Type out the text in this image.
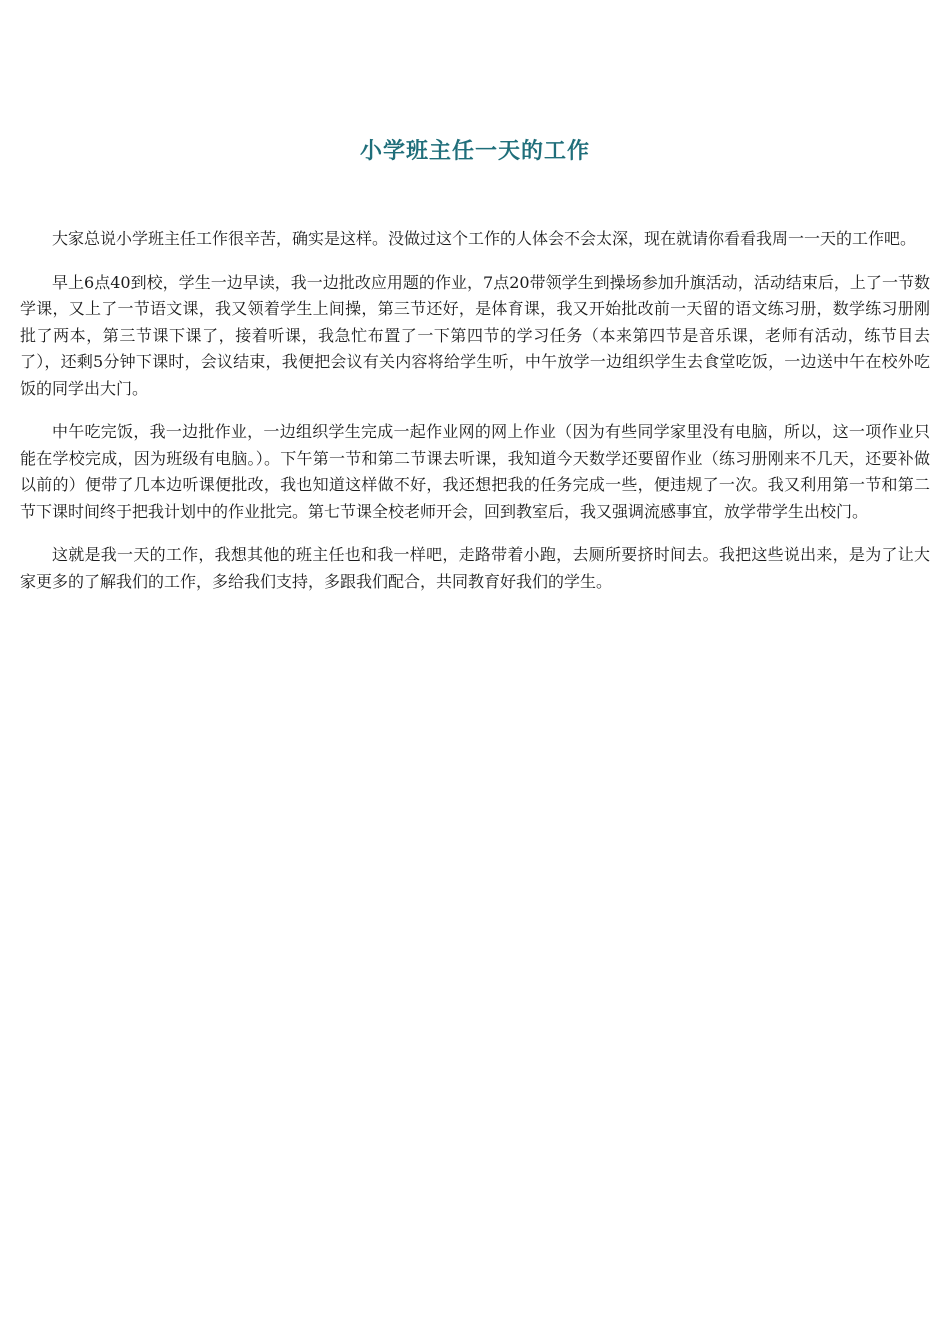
小学班主任一天的工作

大家总说小学班主任工作很辛苦，确实是这样。没做过这个工作的人体会不会太深，现在就请你看看我周一一天的工作吧。

早上6点40到校，学生一边早读，我一边批改应用题的作业，7点20带领学生到操场参加升旗活动，活动结束后，上了一节数学课，又上了一节语文课，我又领着学生上间操，第三节还好，是体育课，我又开始批改前一天留的语文练习册，数学练习册刚批了两本，第三节课下课了，接着听课，我急忙布置了一下第四节的学习任务（本来第四节是音乐课，老师有活动，练节目去了），还剩5分钟下课时，会议结束，我便把会议有关内容将给学生听，中午放学一边组织学生去食堂吃饭，一边送中午在校外吃饭的同学出大门。

中午吃完饭，我一边批作业，一边组织学生完成一起作业网的网上作业（因为有些同学家里没有电脑，所以，这一项作业只能在学校完成，因为班级有电脑。）。下午第一节和第二节课去听课，我知道今天数学还要留作业（练习册刚来不几天，还要补做以前的）便带了几本边听课便批改，我也知道这样做不好，我还想把我的任务完成一些，便违规了一次。我又利用第一节和第二节下课时间终于把我计划中的作业批完。第七节课全校老师开会，回到教室后，我又强调流感事宜，放学带学生出校门。

这就是我一天的工作，我想其他的班主任也和我一样吧，走路带着小跑，去厕所要挤时间去。我把这些说出来，是为了让大家更多的了解我们的工作，多给我们支持，多跟我们配合，共同教育好我们的学生。
